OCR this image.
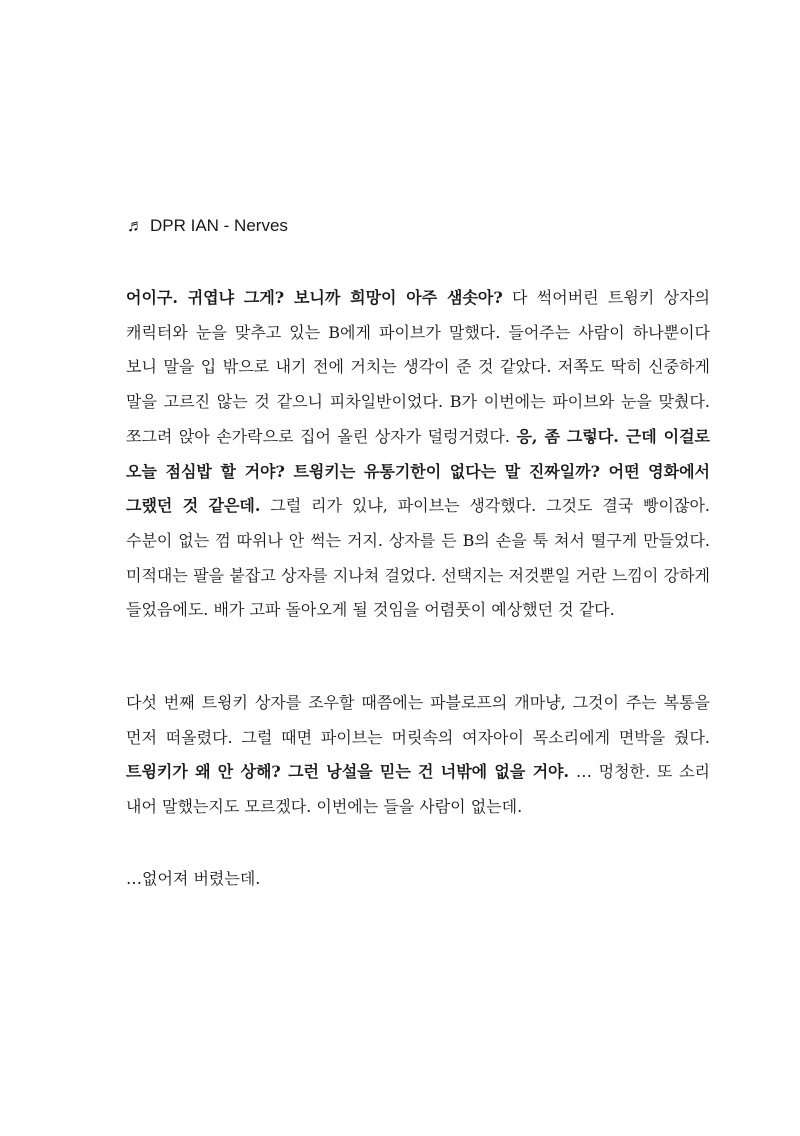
♬ DPR IAN - Nerves
어이구. 귀엽냐 그게? 보니까 희망이 아주 샘솟아? 다 썩어버린 트윙키 상자의 캐릭터와 눈을 맞추고 있는 B에게 파이브가 말했다. 들어주는 사람이 하나뿐이다 보니 말을 입 밖으로 내기 전에 거치는 생각이 준 것 같았다. 저쪽도 딱히 신중하게 말을 고르진 않는 것 같으니 피차일반이었다. B가 이번에는 파이브와 눈을 맞췄다. 쪼그려 앉아 손가락으로 집어 올린 상자가 덜렁거렸다. 응, 좀 그렇다. 근데 이걸로 오늘 점심밥 할 거야? 트윙키는 유통기한이 없다는 말 진짜일까? 어떤 영화에서 그랬던 것 같은데. 그럴 리가 있냐, 파이브는 생각했다. 그것도 결국 빵이잖아. 수분이 없는 껌 따위나 안 썩는 거지. 상자를 든 B의 손을 툭 쳐서 떨구게 만들었다. 미적대는 팔을 붙잡고 상자를 지나쳐 걸었다. 선택지는 저것뿐일 거란 느낌이 강하게 들었음에도. 배가 고파 돌아오게 될 것임을 어렴풋이 예상했던 것 같다.
다섯 번째 트윙키 상자를 조우할 때쯤에는 파블로프의 개마냥, 그것이 주는 복통을 먼저 떠올렸다. 그럴 때면 파이브는 머릿속의 여자아이 목소리에게 면박을 줬다. 트윙키가 왜 안 상해? 그런 낭설을 믿는 건 너밖에 없을 거야. … 멍청한. 또 소리 내어 말했는지도 모르겠다. 이번에는 들을 사람이 없는데.
…없어져 버렸는데.
